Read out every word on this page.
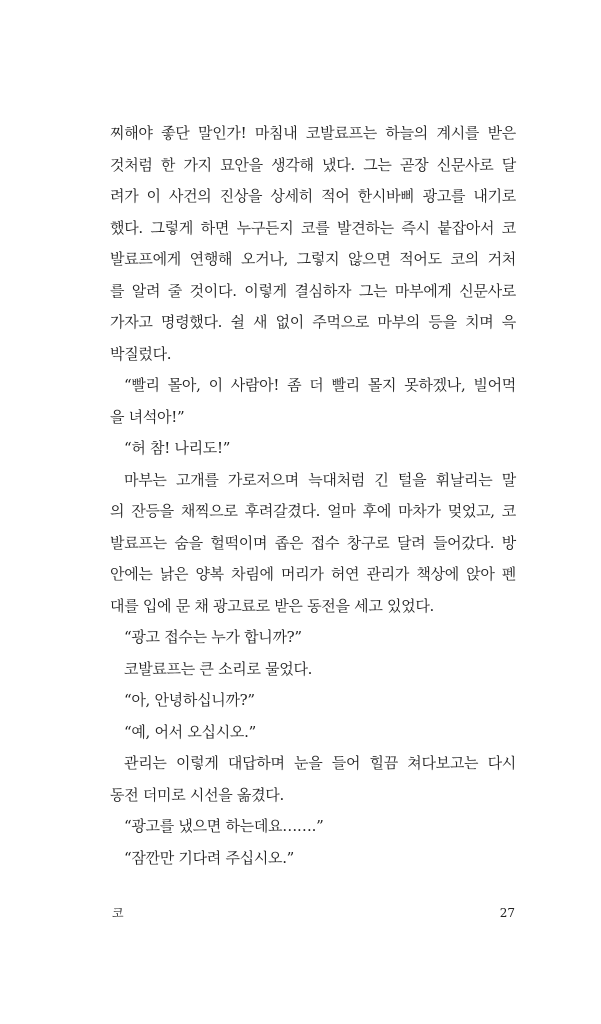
찌해야 좋단 말인가! 마침내 코발료프는 하늘의 계시를 받은
것처럼 한 가지 묘안을 생각해 냈다. 그는 곧장 신문사로 달
려가 이 사건의 진상을 상세히 적어 한시바삐 광고를 내기로
했다. 그렇게 하면 누구든지 코를 발견하는 즉시 붙잡아서 코
발료프에게 연행해 오거나, 그렇지 않으면 적어도 코의 거처
를 알려 줄 것이다. 이렇게 결심하자 그는 마부에게 신문사로
가자고 명령했다. 쉴 새 없이 주먹으로 마부의 등을 치며 윽
박질렀다.
“빨리 몰아, 이 사람아! 좀 더 빨리 몰지 못하겠나, 빌어먹
을 녀석아!”
“허 참! 나리도!”
마부는 고개를 가로저으며 늑대처럼 긴 털을 휘날리는 말
의 잔등을 채찍으로 후려갈겼다. 얼마 후에 마차가 멎었고, 코
발료프는 숨을 헐떡이며 좁은 접수 창구로 달려 들어갔다. 방
안에는 낡은 양복 차림에 머리가 허연 관리가 책상에 앉아 펜
대를 입에 문 채 광고료로 받은 동전을 세고 있었다.
“광고 접수는 누가 합니까?”
코발료프는 큰 소리로 물었다.
“아, 안녕하십니까?”
“예, 어서 오십시오.”
관리는 이렇게 대답하며 눈을 들어 힐끔 쳐다보고는 다시
동전 더미로 시선을 옮겼다.
“광고를 냈으면 하는데요…….”
“잠깐만 기다려 주십시오.”
코	27
